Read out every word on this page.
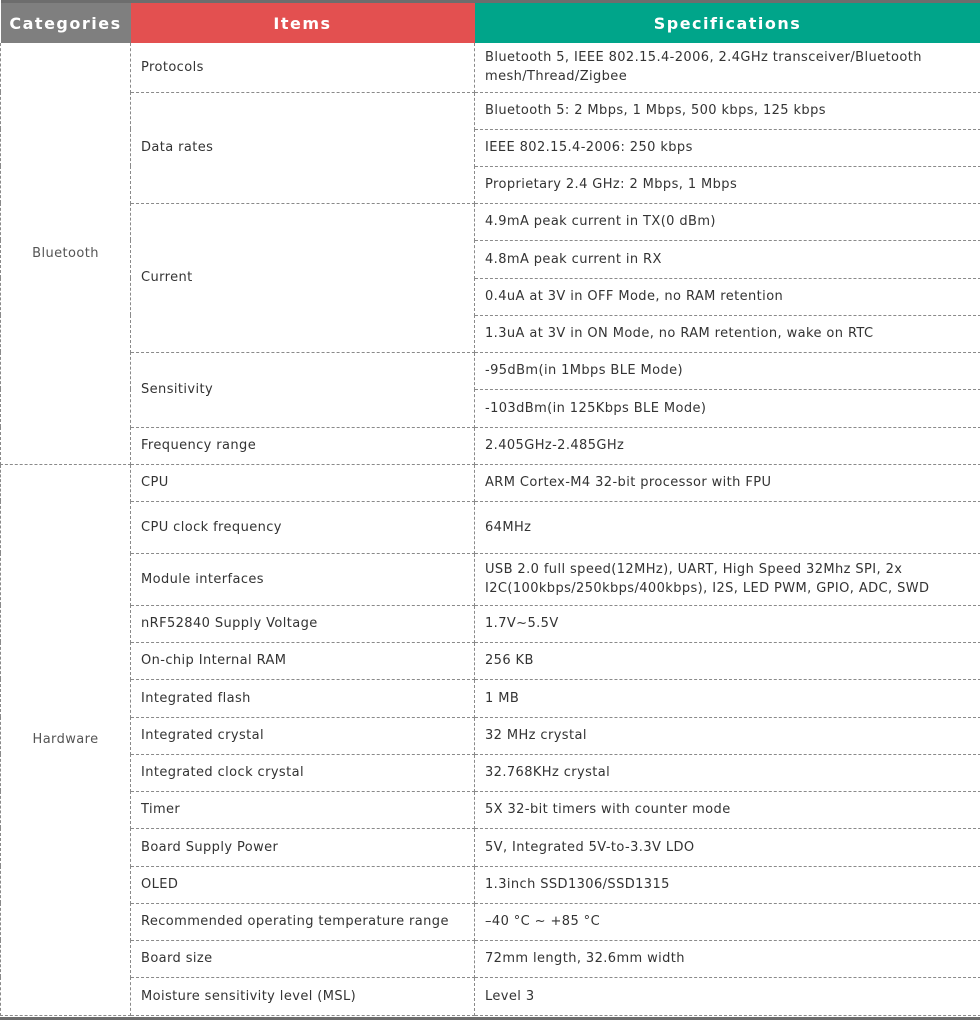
Categories	Items	Specifications
Bluetooth	Protocols	Bluetooth 5, IEEE 802.15.4-2006, 2.4GHz transceiver/Bluetooth mesh/Thread/Zigbee
	Data rates	Bluetooth 5: 2 Mbps, 1 Mbps, 500 kbps, 125 kbps
		IEEE 802.15.4-2006: 250 kbps
		Proprietary 2.4 GHz: 2 Mbps, 1 Mbps
	Current	4.9mA peak current in TX(0 dBm)
		4.8mA peak current in RX
		0.4uA at 3V in OFF Mode, no RAM retention
		1.3uA at 3V in ON Mode, no RAM retention, wake on RTC
	Sensitivity	-95dBm(in 1Mbps BLE Mode)
		-103dBm(in 125Kbps BLE Mode)
	Frequency range	2.405GHz-2.485GHz
Hardware	CPU	ARM Cortex-M4 32-bit processor with FPU
	CPU clock frequency	64MHz
	Module interfaces	USB 2.0 full speed(12MHz), UART, High Speed 32Mhz SPI, 2x I2C(100kbps/250kbps/400kbps), I2S, LED PWM, GPIO, ADC, SWD
	nRF52840 Supply Voltage	1.7V~5.5V
	On-chip Internal RAM	256 KB
	Integrated flash	1 MB
	Integrated crystal	32 MHz crystal
	Integrated clock crystal	32.768KHz crystal
	Timer	5X 32-bit timers with counter mode
	Board Supply Power	5V, Integrated 5V-to-3.3V LDO
	OLED	1.3inch SSD1306/SSD1315
	Recommended operating temperature range	–40 °C ~ +85 °C
	Board size	72mm length, 32.6mm width
	Moisture sensitivity level (MSL)	Level 3
